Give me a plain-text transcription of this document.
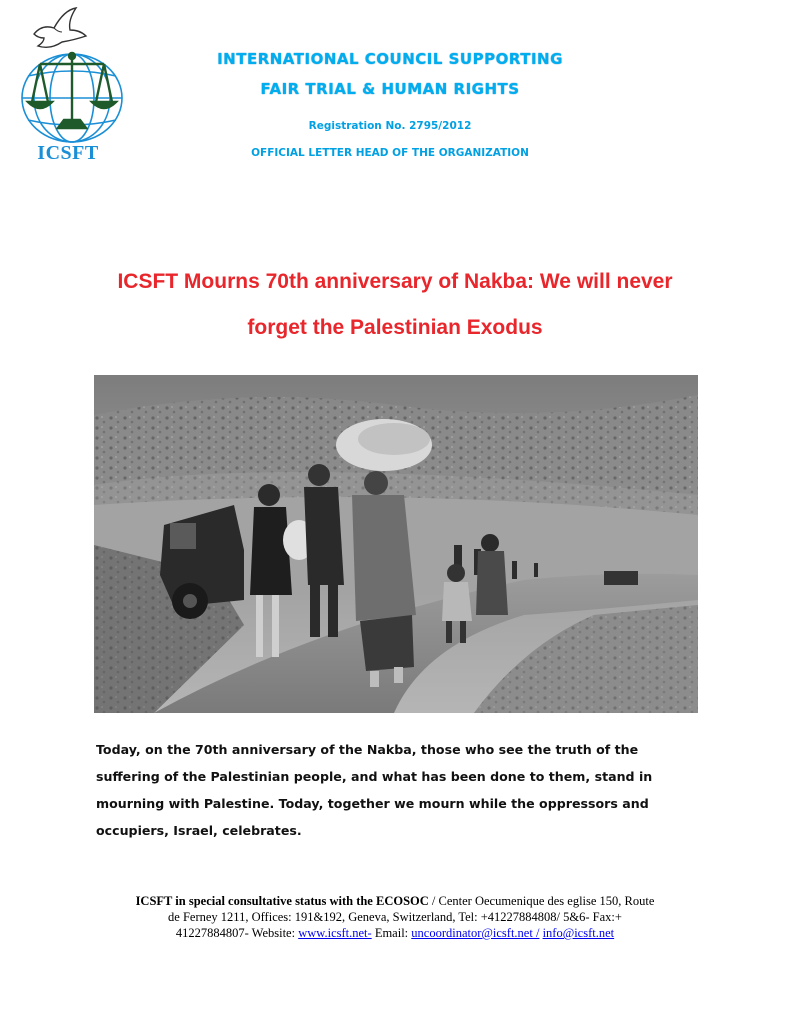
ICSFT
INTERNATIONAL COUNCIL SUPPORTING
FAIR TRIAL & HUMAN RIGHTS
Registration No. 2795/2012
OFFICIAL LETTER HEAD OF THE ORGANIZATION
ICSFT Mourns 70th anniversary of Nakba: We will never
forget the Palestinian Exodus
Today, on the 70th anniversary of the Nakba, those who see the truth of the
suffering of the Palestinian people, and what has been done to them, stand in
mourning with Palestine. Today, together we mourn while the oppressors and
occupiers, Israel, celebrates.
ICSFT in special consultative status with the ECOSOC / Center Oecumenique des eglise 150, Route
de Ferney 1211, Offices: 191&192, Geneva, Switzerland, Tel: +41227884808/ 5&6- Fax:+
41227884807- Website: www.icsft.net- Email: uncoordinator@icsft.net / info@icsft.net
